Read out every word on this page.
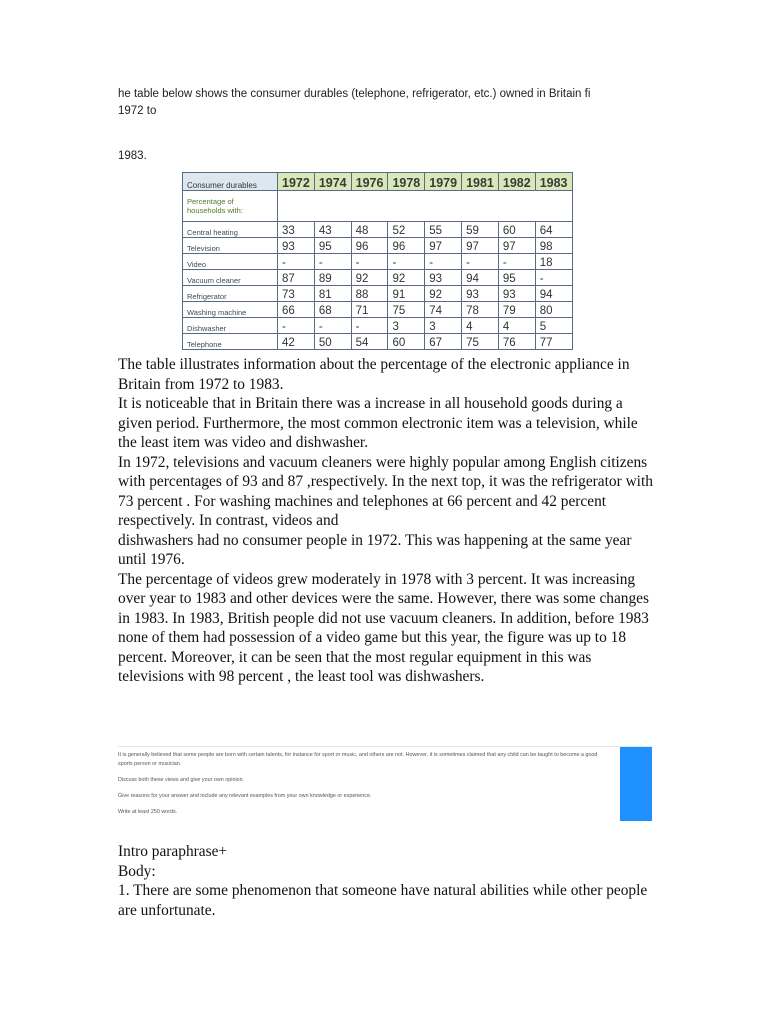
he table below shows the consumer durables (telephone, refrigerator, etc.) owned in Britain fi

1972 to

1983.

Consumer durables	1972	1974	1976	1978	1979	1981	1982	1983
Percentage of households with:								
Central heating	33	43	48	52	55	59	60	64
Television	93	95	96	96	97	97	97	98
Video	-	-	-	-	-	-	-	18
Vacuum cleaner	87	89	92	92	93	94	95	-
Refrigerator	73	81	88	91	92	93	93	94
Washing machine	66	68	71	75	74	78	79	80
Dishwasher	-	-	-	3	3	4	4	5
Telephone	42	50	54	60	67	75	76	77

The table illustrates information about the percentage of the electronic appliance in Britain from 1972 to 1983.

It is noticeable that in Britain there was a increase in all household goods during a given period. Furthermore, the most common electronic item was a television, while the least item was video and dishwasher.

In 1972, televisions and vacuum cleaners were highly popular among English citizens with percentages of 93 and 87 ,respectively. In the next top, it was the refrigerator with 73 percent . For washing machines and telephones at 66 percent and 42 percent respectively. In contrast, videos and

dishwashers had no consumer people in 1972. This was happening at the same year until 1976.

The percentage of videos grew moderately in 1978 with 3 percent. It was increasing over year to 1983 and other devices were the same. However, there was some changes in 1983. In 1983, British people did not use vacuum cleaners. In addition, before 1983 none of them had possession of a video game but this year, the figure was up to 18 percent. Moreover, it can be seen that the most regular equipment in this was televisions with 98 percent , the least tool was dishwashers.

It is generally believed that some people are born with certain talents, for instance for sport or music, and others are not. However, it is sometimes claimed that any child can be taught to become a good sports person or musician.

Discuss both these views and give your own opinion.

Give reasons for your answer and include any relevant examples from your own knowledge or experience.

Write at least 250 words.

Intro paraphrase+

Body:

1. There are some phenomenon that someone have natural abilities while other people are unfortunate.
